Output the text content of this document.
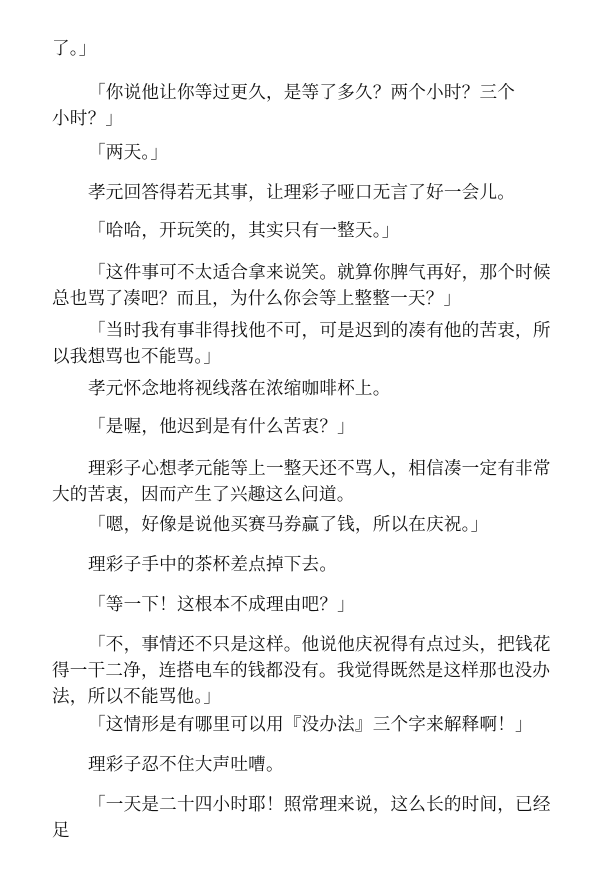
了。」

「你说他让你等过更久，是等了多久？两个小时？三个小时？」

「两天。」

孝元回答得若无其事，让理彩子哑口无言了好一会儿。

「哈哈，开玩笑的，其实只有一整天。」

「这件事可不太适合拿来说笑。就算你脾气再好，那个时候总也骂了凑吧？而且，为什么你会等上整整一天？」

「当时我有事非得找他不可，可是迟到的凑有他的苦衷，所以我想骂也不能骂。」

孝元怀念地将视线落在浓缩咖啡杯上。

「是喔，他迟到是有什么苦衷？」

理彩子心想孝元能等上一整天还不骂人，相信凑一定有非常大的苦衷，因而产生了兴趣这么问道。

「嗯，好像是说他买赛马券赢了钱，所以在庆祝。」

理彩子手中的茶杯差点掉下去。

「等一下！这根本不成理由吧？」

「不，事情还不只是这样。他说他庆祝得有点过头，把钱花得一干二净，连搭电车的钱都没有。我觉得既然是这样那也没办法，所以不能骂他。」

「这情形是有哪里可以用『没办法』三个字来解释啊！」

理彩子忍不住大声吐嘈。

「一天是二十四小时耶！照常理来说，这么长的时间，已经足
